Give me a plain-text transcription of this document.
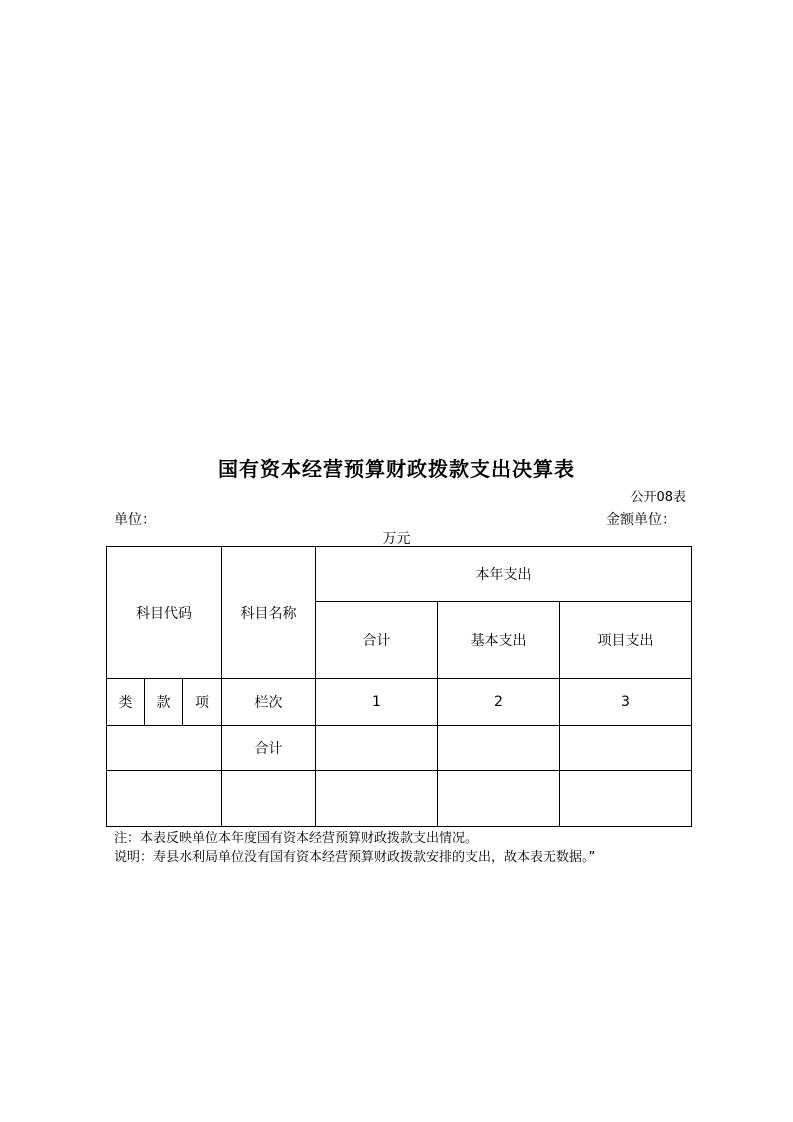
国有资本经营预算财政拨款支出决算表
公开08表
单位：	金额单位：
万元
科目代码			科目名称	本年支出		
				合计	基本支出	项目支出
类	款	项	栏次	1	2	3
			合计			

注：本表反映单位本年度国有资本经营预算财政拨款支出情况。
说明：寿县水利局单位没有国有资本经营预算财政拨款安排的支出，故本表无数据。”
